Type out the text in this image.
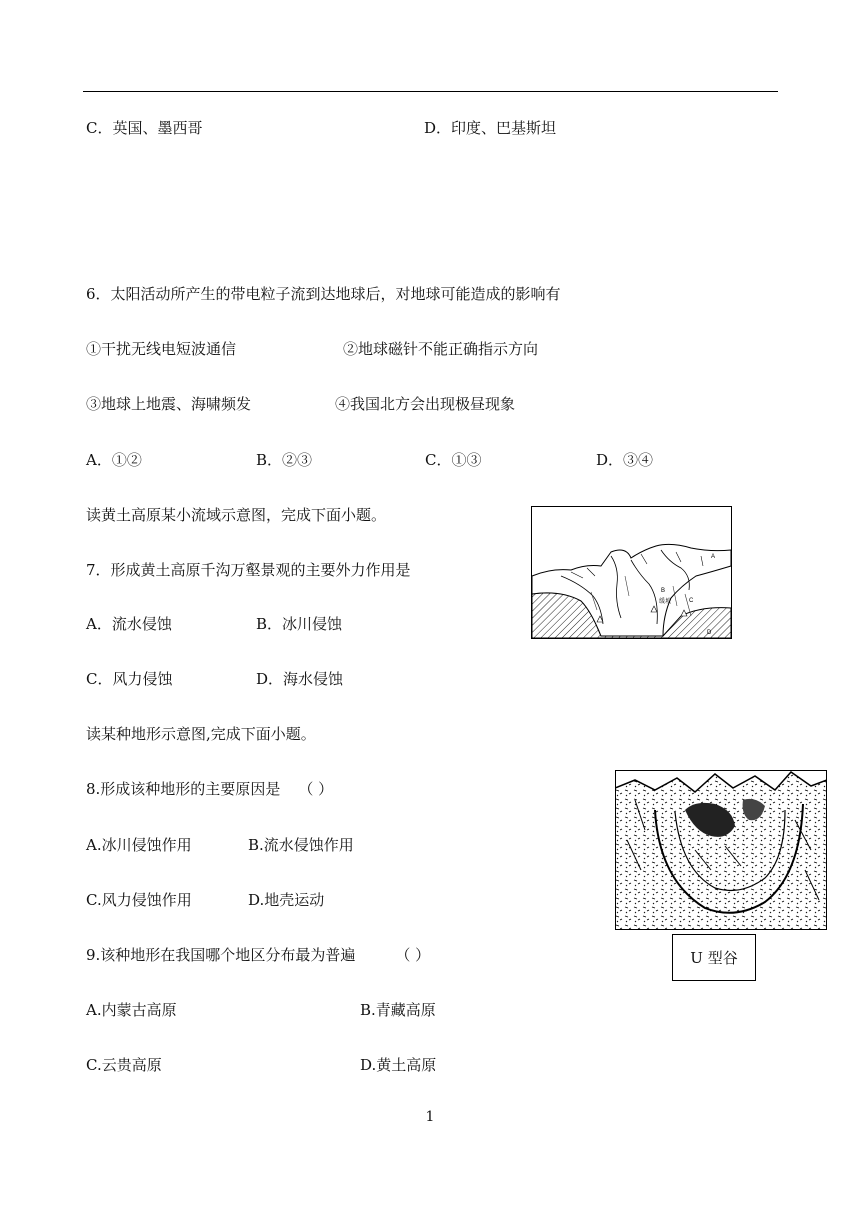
C．英国、墨西哥	D．印度、巴基斯坦
6．太阳活动所产生的带电粒子流到达地球后，对地球可能造成的影响有
①干扰无线电短波通信	②地球磁针不能正确指示方向
③地球上地震、海啸频发	④我国北方会出现极昼现象
A．①②	B．②③	C．①③	D．③④
读黄土高原某小流域示意图，完成下面小题。
7．形成黄土高原千沟万壑景观的主要外力作用是
A．流水侵蚀	B．冰川侵蚀
C．风力侵蚀	D．海水侵蚀
A
B
缓坡	C
D
读某种地形示意图,完成下面小题。
8.形成该种地形的主要原因是 （ ）
A.冰川侵蚀作用	B.流水侵蚀作用
C.风力侵蚀作用	D.地壳运动
U 型谷
9.该种地形在我国哪个地区分布最为普遍	（ ）
A.内蒙古高原	B.青藏高原
C.云贵高原	D.黄土高原
1
